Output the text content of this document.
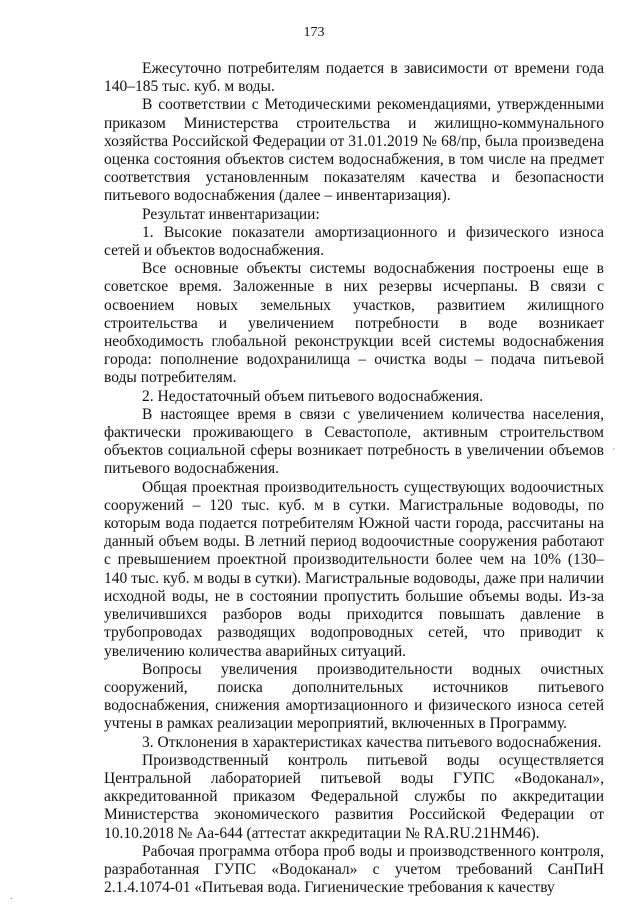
173

Ежесуточно потребителям подается в зависимости от времени года 140–185 тыс. куб. м воды.

В соответствии с Методическими рекомендациями, утвержденными приказом Министерства строительства и жилищно-коммунального хозяйства Российской Федерации от 31.01.2019 № 68/пр, была произведена оценка состояния объектов систем водоснабжения, в том числе на предмет соответствия установленным показателям качества и безопасности питьевого водоснабжения (далее – инвентаризация).

Результат инвентаризации:

1. Высокие показатели амортизационного и физического износа сетей и объектов водоснабжения.

Все основные объекты системы водоснабжения построены еще в советское время. Заложенные в них резервы исчерпаны. В связи с освоением новых земельных участков, развитием жилищного строительства и увеличением потребности в воде возникает необходимость глобальной реконструкции всей системы водоснабжения города: пополнение водохранилища – очистка воды – подача питьевой воды потребителям.

2. Недостаточный объем питьевого водоснабжения.

В настоящее время в связи с увеличением количества населения, фактически проживающего в Севастополе, активным строительством объектов социальной сферы возникает потребность в увеличении объемов питьевого водоснабжения.

Общая проектная производительность существующих водоочистных сооружений – 120 тыс. куб. м в сутки. Магистральные водоводы, по которым вода подается потребителям Южной части города, рассчитаны на данный объем воды. В летний период водоочистные сооружения работают с превышением проектной производительности более чем на 10% (130–140 тыс. куб. м воды в сутки). Магистральные водоводы, даже при наличии исходной воды, не в состоянии пропустить большие объемы воды. Из-за увеличившихся разборов воды приходится повышать давление в трубопроводах разводящих водопроводных сетей, что приводит к увеличению количества аварийных ситуаций.

Вопросы увеличения производительности водных очистных сооружений, поиска дополнительных источников питьевого водоснабжения, снижения амортизационного и физического износа сетей учтены в рамках реализации мероприятий, включенных в Программу.

3. Отклонения в характеристиках качества питьевого водоснабжения.

Производственный контроль питьевой воды осуществляется Центральной лабораторией питьевой воды ГУПС «Водоканал», аккредитованной приказом Федеральной службы по аккредитации Министерства экономического развития Российской Федерации от 10.10.2018 № Аа-644 (аттестат аккредитации № RA.RU.21НМ46).

Рабочая программа отбора проб воды и производственного контроля, разработанная ГУПС «Водоканал» с учетом требований СанПиН 2.1.4.1074-01 «Питьевая вода. Гигиенические требования к качеству

ˊ
.
